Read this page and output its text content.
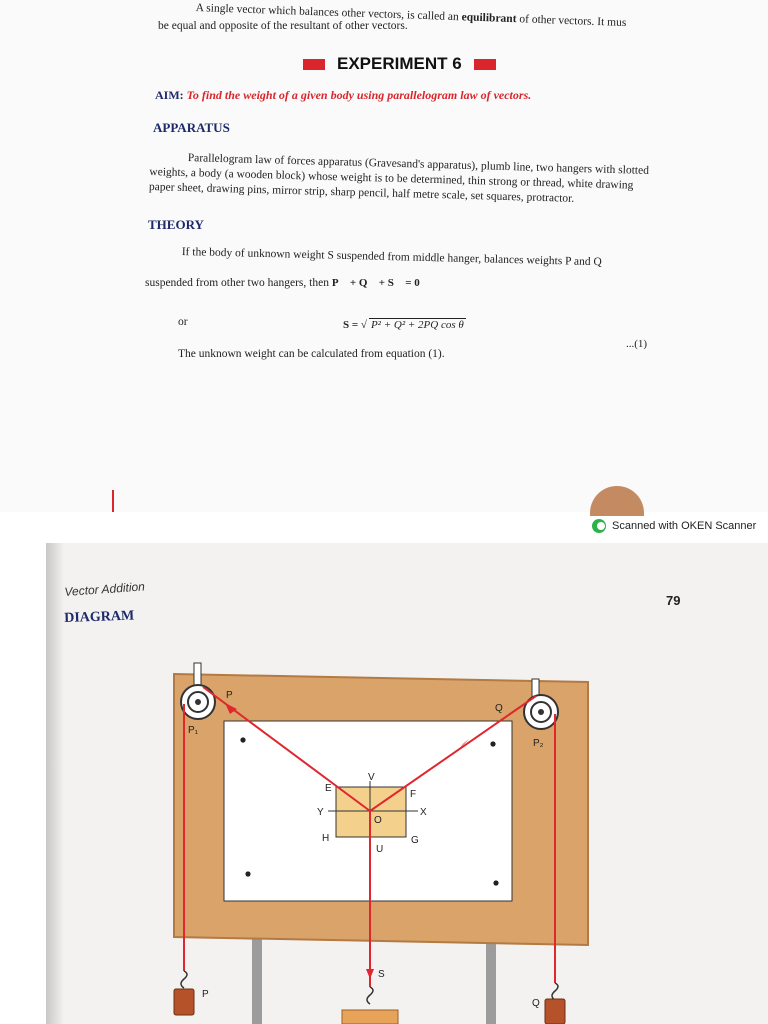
A single vector which balances other vectors, is called an equilibrant of other vectors. It mus
be equal and opposite of the resultant of other vectors.
EXPERIMENT 6
AIM: To find the weight of a given body using parallelogram law of vectors.
APPARATUS
Parallelogram law of forces apparatus (Gravesand's apparatus), plumb line, two hangers with slotted weights, a body (a wooden block) whose weight is to be determined, thin strong or thread, white drawing paper sheet, drawing pins, mirror strip, sharp pencil, half metre scale, set squares, protractor.
THEORY
If the body of unknown weight S suspended from middle hanger, balances weights P and Q
suspended from other two hangers, then P⃗ + Q⃗ + S⃗ = 0
or	S = √ P² + Q² + 2PQ cos θ
...(1)
The unknown weight can be calculated from equation (1).
Scanned with OKEN Scanner
Vector Addition
79
DIAGRAM
P
Q
P₁
P₂
E
V
F
Y
O
X
H
U
G
S
P
Q
